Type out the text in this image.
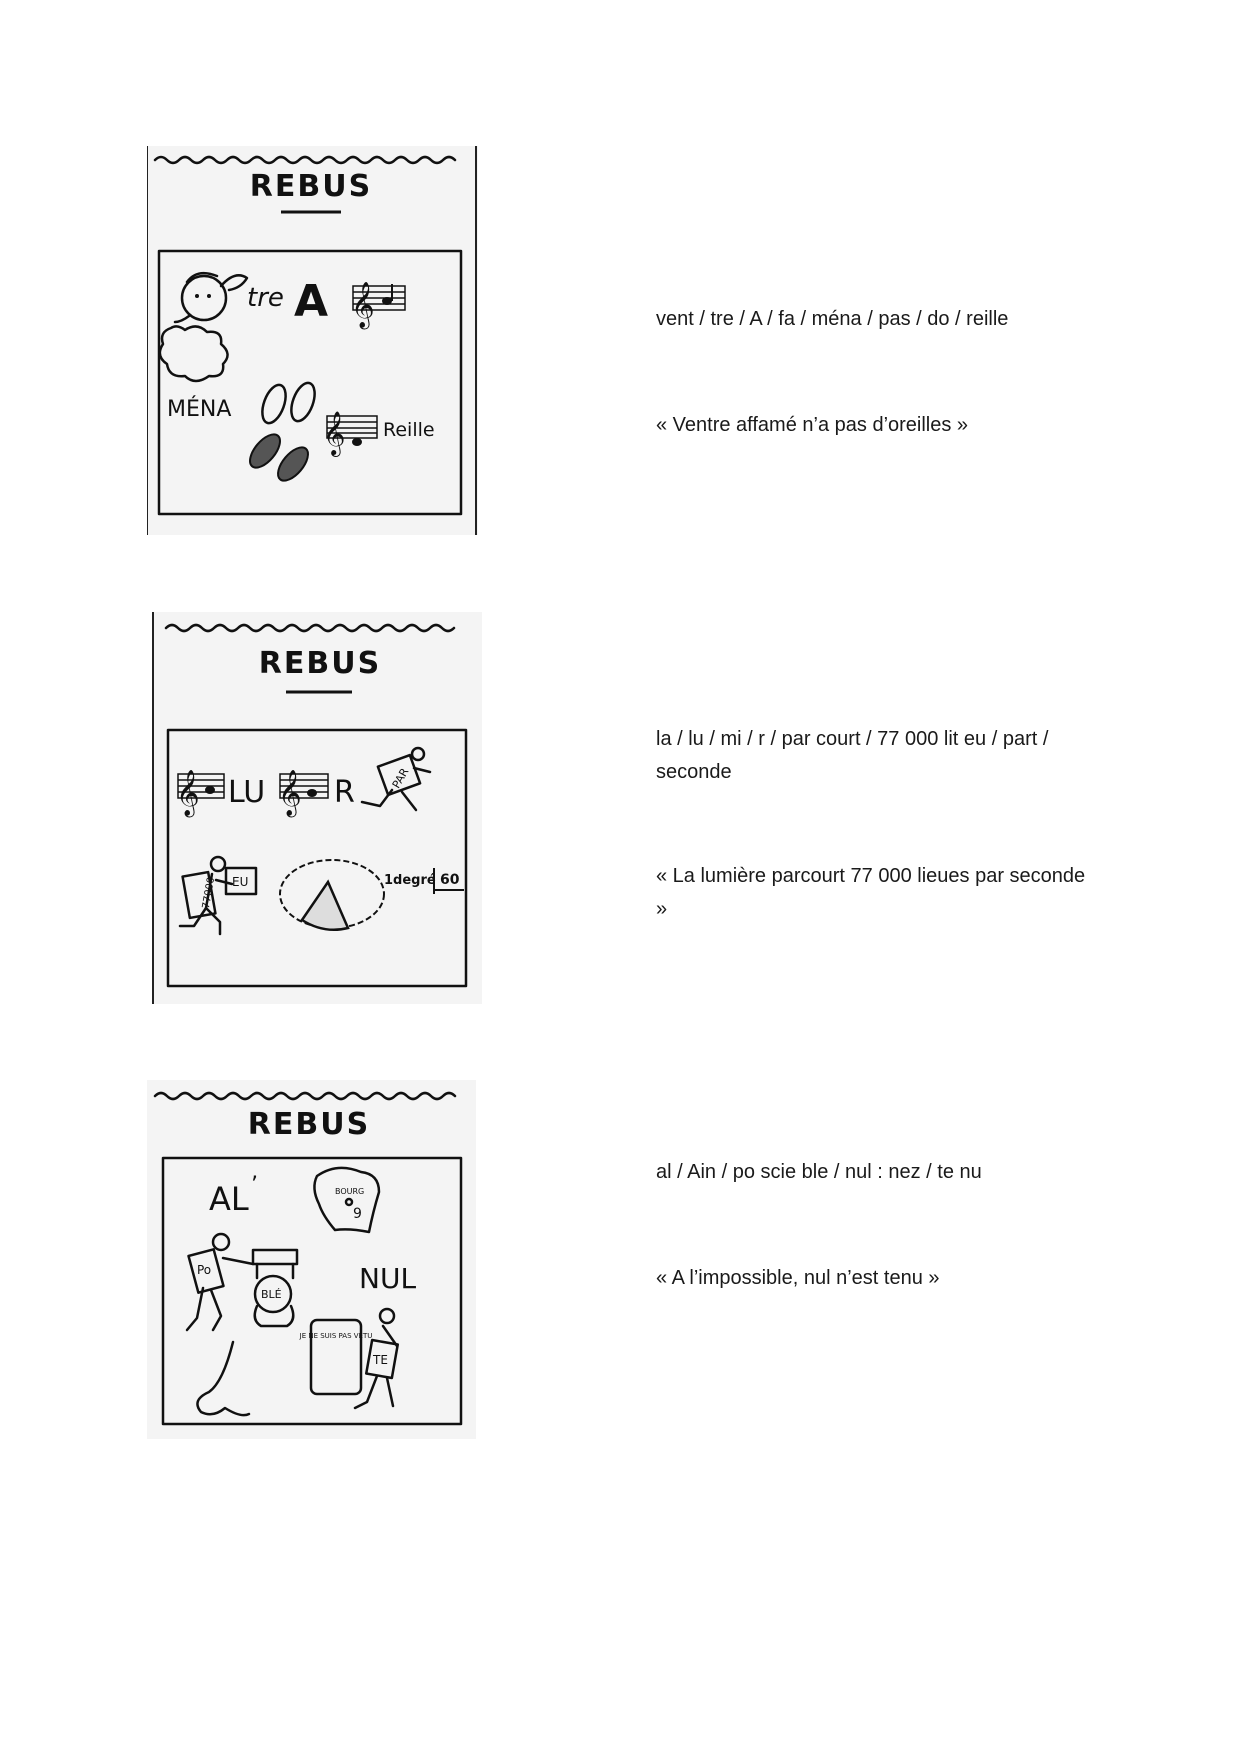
REBUS
tre A 𝄞
MÉNA
𝄞 Reille
vent / tre / A / fa / ména / pas / do / reille
« Ventre affamé n’a pas d’oreilles »
REBUS
𝄞 LU 𝄞 R	PAR
77000 EU	1degré 60
la / lu / mi / r / par court / 77 000 lit eu / part / seconde
« La lumière parcourt 77 000 lieues par seconde »
REBUS
AL ’	BOURG
9
Po
BLÉ	NUL
JE NE SUIS PAS VETU
TE
al / Ain / po scie ble / nul : nez / te nu
« A l’impossible, nul n’est tenu »
